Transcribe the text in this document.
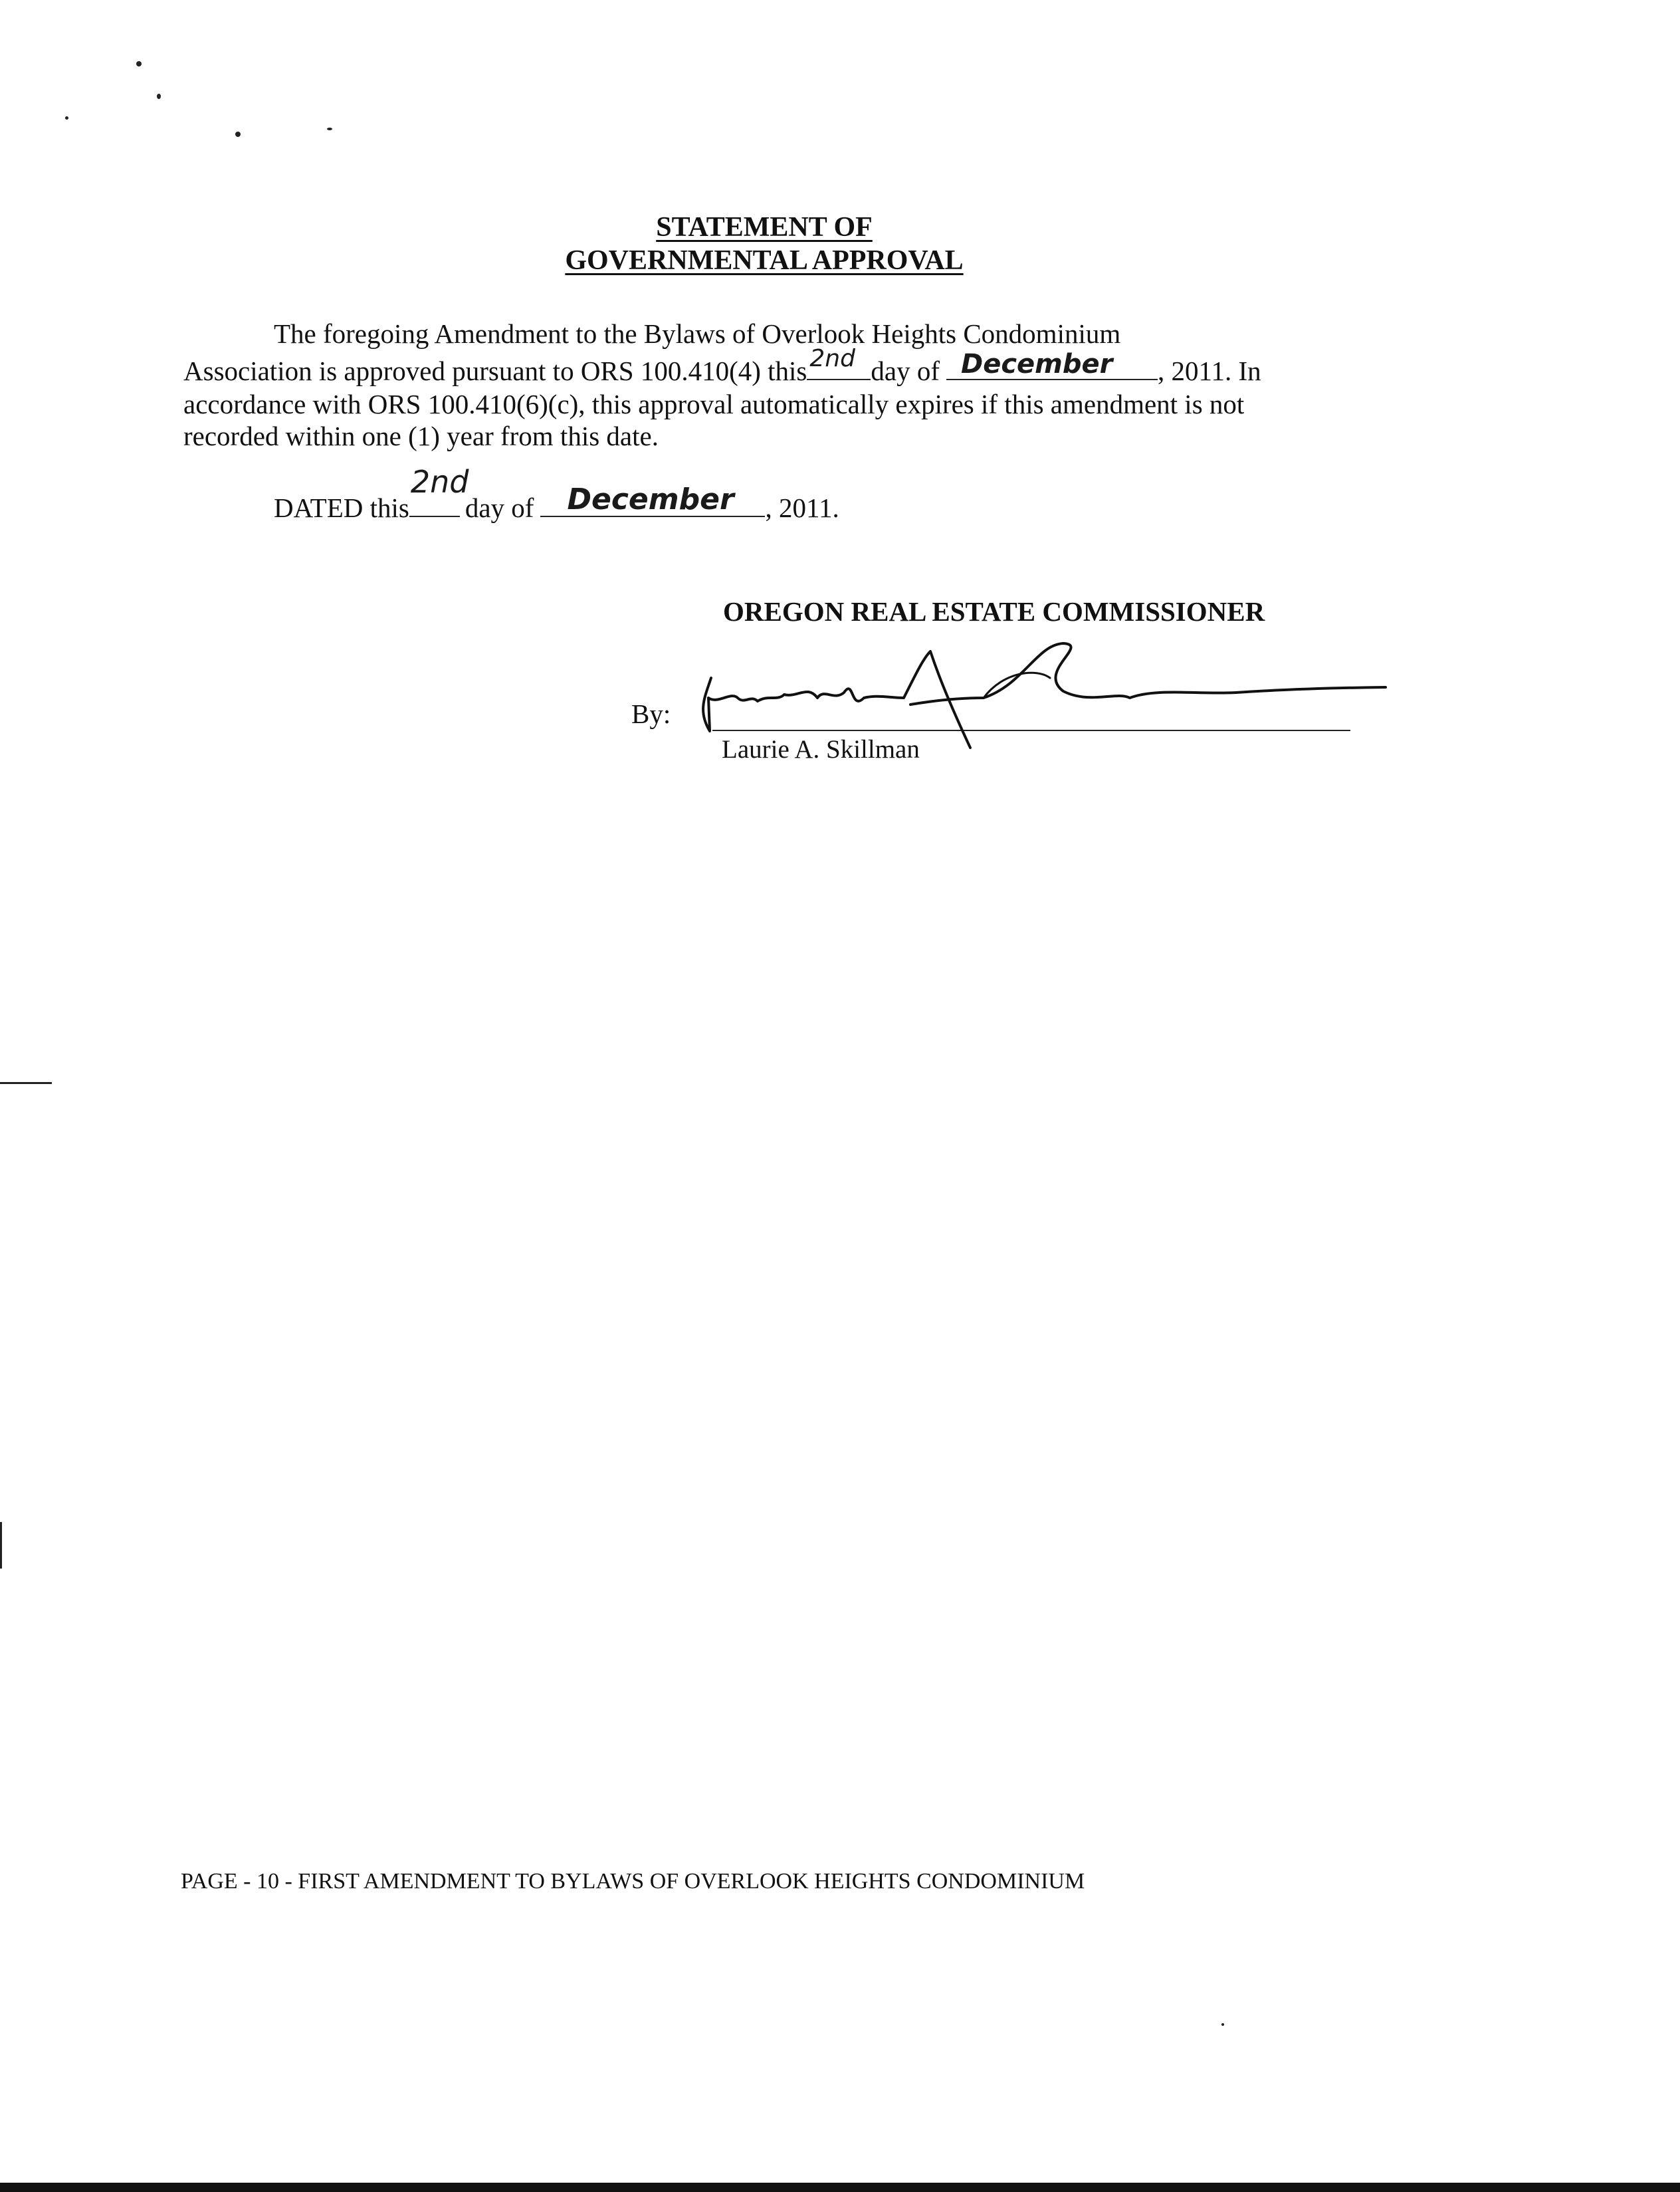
STATEMENT OF
GOVERNMENTAL APPROVAL
The foregoing Amendment to the Bylaws of Overlook Heights Condominium
Association is approved pursuant to ORS 100.410(4) this 2nd day of December , 2011. In
accordance with ORS 100.410(6)(c), this approval automatically expires if this amendment is not
recorded within one (1) year from this date.
DATED this
2nd
day of December , 2011.
OREGON REAL ESTATE COMMISSIONER
By:
Laurie A. Skillman
PAGE - 10 - FIRST AMENDMENT TO BYLAWS OF OVERLOOK HEIGHTS CONDOMINIUM
